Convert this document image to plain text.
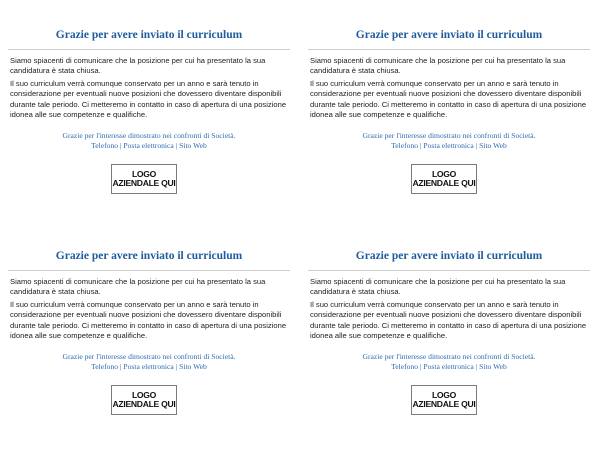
Grazie per avere inviato il curriculum
Siamo spiacenti di comunicare che la posizione per cui ha presentato la sua candidatura è stata chiusa.
Il suo curriculum verrà comunque conservato per un anno e sarà tenuto in considerazione per eventuali nuove posizioni che dovessero diventare disponibili durante tale periodo. Ci metteremo in contatto in caso di apertura di una posizione idonea alle sue competenze e qualifiche.
Grazie per l'interesse dimostrato nei confronti di Società.
Telefono | Posta elettronica | Sito Web
LOGO AZIENDALE QUI
Grazie per avere inviato il curriculum
Siamo spiacenti di comunicare che la posizione per cui ha presentato la sua candidatura è stata chiusa.
Il suo curriculum verrà comunque conservato per un anno e sarà tenuto in considerazione per eventuali nuove posizioni che dovessero diventare disponibili durante tale periodo. Ci metteremo in contatto in caso di apertura di una posizione idonea alle sue competenze e qualifiche.
Grazie per l'interesse dimostrato nei confronti di Società.
Telefono | Posta elettronica | Sito Web
LOGO AZIENDALE QUI
Grazie per avere inviato il curriculum
Siamo spiacenti di comunicare che la posizione per cui ha presentato la sua candidatura è stata chiusa.
Il suo curriculum verrà comunque conservato per un anno e sarà tenuto in considerazione per eventuali nuove posizioni che dovessero diventare disponibili durante tale periodo. Ci metteremo in contatto in caso di apertura di una posizione idonea alle sue competenze e qualifiche.
Grazie per l'interesse dimostrato nei confronti di Società.
Telefono | Posta elettronica | Sito Web
LOGO AZIENDALE QUI
Grazie per avere inviato il curriculum
Siamo spiacenti di comunicare che la posizione per cui ha presentato la sua candidatura è stata chiusa.
Il suo curriculum verrà comunque conservato per un anno e sarà tenuto in considerazione per eventuali nuove posizioni che dovessero diventare disponibili durante tale periodo. Ci metteremo in contatto in caso di apertura di una posizione idonea alle sue competenze e qualifiche.
Grazie per l'interesse dimostrato nei confronti di Società.
Telefono | Posta elettronica | Sito Web
LOGO AZIENDALE QUI
